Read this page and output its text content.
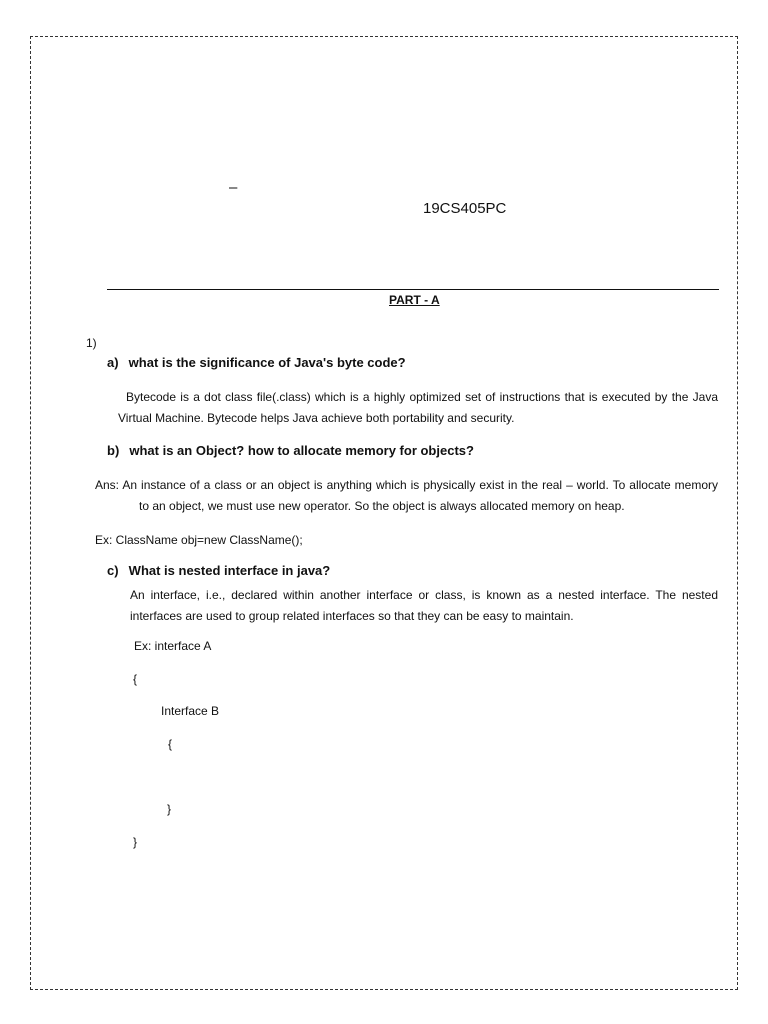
–
19CS405PC
PART - A
1)
a)  what is the significance of Java's byte code?
Bytecode is a dot class file(.class) which is a highly optimized set of instructions that is executed by the Java
Virtual Machine. Bytecode helps Java achieve both portability and security.
b)  what is an Object? how to allocate memory for objects?
Ans: An instance of a class or an object is anything which is physically exist in the real – world. To allocate memory
to an object, we must use new operator. So the object is always allocated memory on heap.
Ex: ClassName obj=new ClassName();
c)  What is nested interface in java?
An interface, i.e., declared within another interface or class, is known as a nested interface. The nested
interfaces are used to group related interfaces so that they can be easy to maintain.
Ex: interface A
{
Interface B
{
}
}
